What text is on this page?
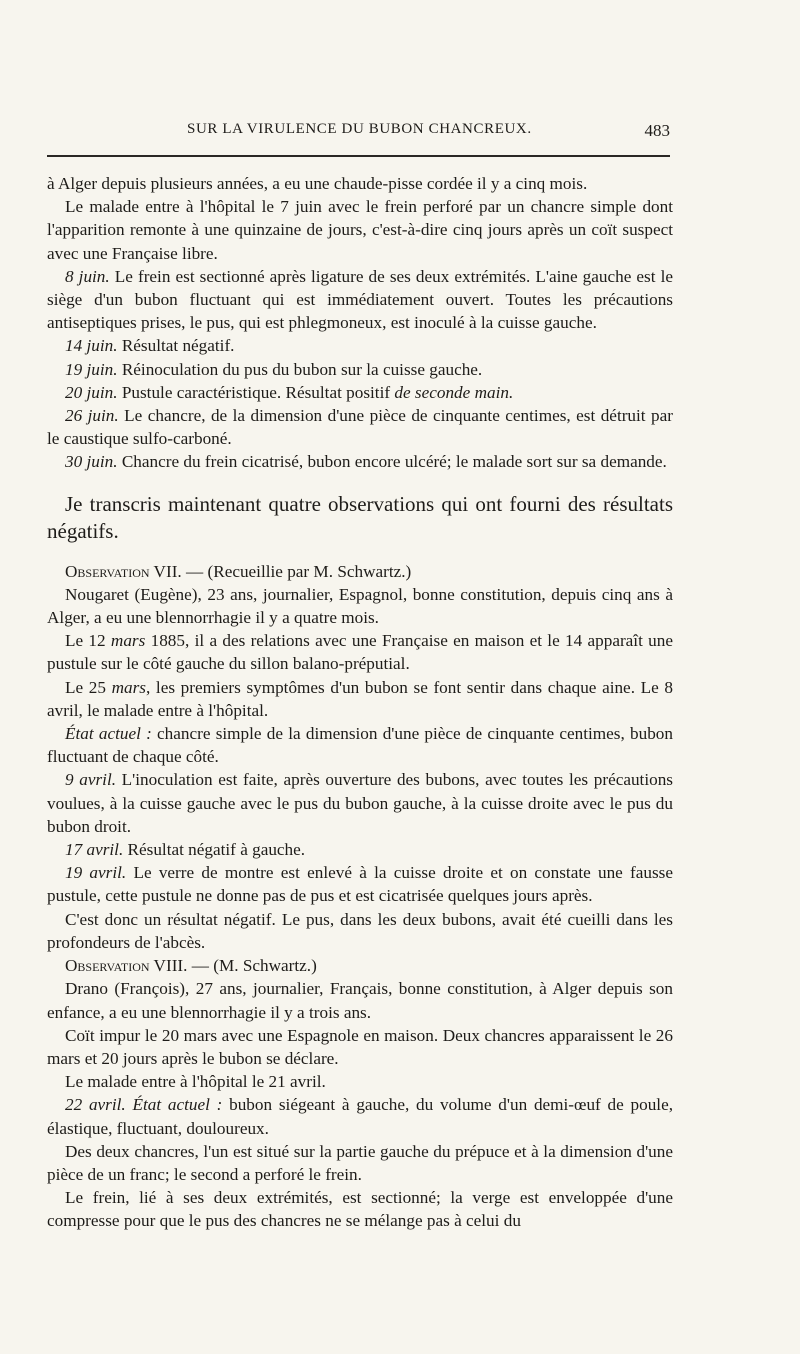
SUR LA VIRULENCE DU BUBON CHANCREUX.	483

à Alger depuis plusieurs années, a eu une chaude-pisse cordée il y a cinq mois.

Le malade entre à l'hôpital le 7 juin avec le frein perforé par un chancre simple dont l'apparition remonte à une quinzaine de jours, c'est-à-dire cinq jours après un coït suspect avec une Française libre.

8 juin. Le frein est sectionné après ligature de ses deux extrémités. L'aine gauche est le siège d'un bubon fluctuant qui est immédiatement ouvert. Toutes les précautions antiseptiques prises, le pus, qui est phlegmoneux, est inoculé à la cuisse gauche.

14 juin. Résultat négatif.

19 juin. Réinoculation du pus du bubon sur la cuisse gauche.

20 juin. Pustule caractéristique. Résultat positif de seconde main.

26 juin. Le chancre, de la dimension d'une pièce de cinquante centimes, est détruit par le caustique sulfo-carboné.

30 juin. Chancre du frein cicatrisé, bubon encore ulcéré; le malade sort sur sa demande.

Je transcris maintenant quatre observations qui ont fourni des résultats négatifs.

Observation VII. — (Recueillie par M. Schwartz.)

Nougaret (Eugène), 23 ans, journalier, Espagnol, bonne constitution, depuis cinq ans à Alger, a eu une blennorrhagie il y a quatre mois.

Le 12 mars 1885, il a des relations avec une Française en maison et le 14 apparaît une pustule sur le côté gauche du sillon balano-préputial.

Le 25 mars, les premiers symptômes d'un bubon se font sentir dans chaque aine. Le 8 avril, le malade entre à l'hôpital.

État actuel : chancre simple de la dimension d'une pièce de cinquante centimes, bubon fluctuant de chaque côté.

9 avril. L'inoculation est faite, après ouverture des bubons, avec toutes les précautions voulues, à la cuisse gauche avec le pus du bubon gauche, à la cuisse droite avec le pus du bubon droit.

17 avril. Résultat négatif à gauche.

19 avril. Le verre de montre est enlevé à la cuisse droite et on constate une fausse pustule, cette pustule ne donne pas de pus et est cicatrisée quelques jours après.

C'est donc un résultat négatif. Le pus, dans les deux bubons, avait été cueilli dans les profondeurs de l'abcès.

Observation VIII. — (M. Schwartz.)

Drano (François), 27 ans, journalier, Français, bonne constitution, à Alger depuis son enfance, a eu une blennorrhagie il y a trois ans.

Coït impur le 20 mars avec une Espagnole en maison. Deux chancres apparaissent le 26 mars et 20 jours après le bubon se déclare.

Le malade entre à l'hôpital le 21 avril.

22 avril. État actuel : bubon siégeant à gauche, du volume d'un demi-œuf de poule, élastique, fluctuant, douloureux.

Des deux chancres, l'un est situé sur la partie gauche du prépuce et à la dimension d'une pièce de un franc; le second a perforé le frein.

Le frein, lié à ses deux extrémités, est sectionné; la verge est enveloppée d'une compresse pour que le pus des chancres ne se mélange pas à celui du
